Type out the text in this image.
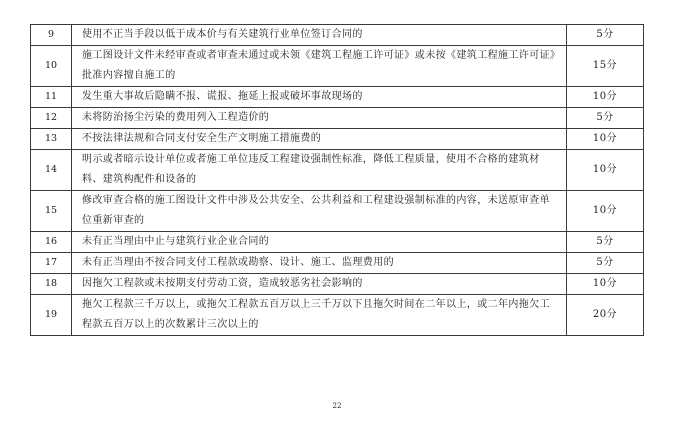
9	使用不正当手段以低于成本价与有关建筑行业单位签订合同的	5分
10	施工图设计文件未经审查或者审查未通过或未领《建筑工程施工许可证》或未按《建筑工程施工许可证》批准内容擅自施工的	15分
11	发生重大事故后隐瞒不报、谎报、拖延上报或破坏事故现场的	10分
12	未将防治扬尘污染的费用列入工程造价的	5分
13	不按法律法规和合同支付安全生产文明施工措施费的	10分
14	明示或者暗示设计单位或者施工单位违反工程建设强制性标准，降低工程质量，使用不合格的建筑材料、建筑构配件和设备的	10分
15	修改审查合格的施工图设计文件中涉及公共安全、公共利益和工程建设强制标准的内容，未送原审查单位重新审查的	10分
16	未有正当理由中止与建筑行业企业合同的	5分
17	未有正当理由不按合同支付工程款或勘察、设计、施工、监理费用的	5分
18	因拖欠工程款或未按期支付劳动工资，造成较恶劣社会影响的	10分
19	拖欠工程款三千万以上，或拖欠工程款五百万以上三千万以下且拖欠时间在二年以上，或二年内拖欠工程款五百万以上的次数累计三次以上的	20分
22
